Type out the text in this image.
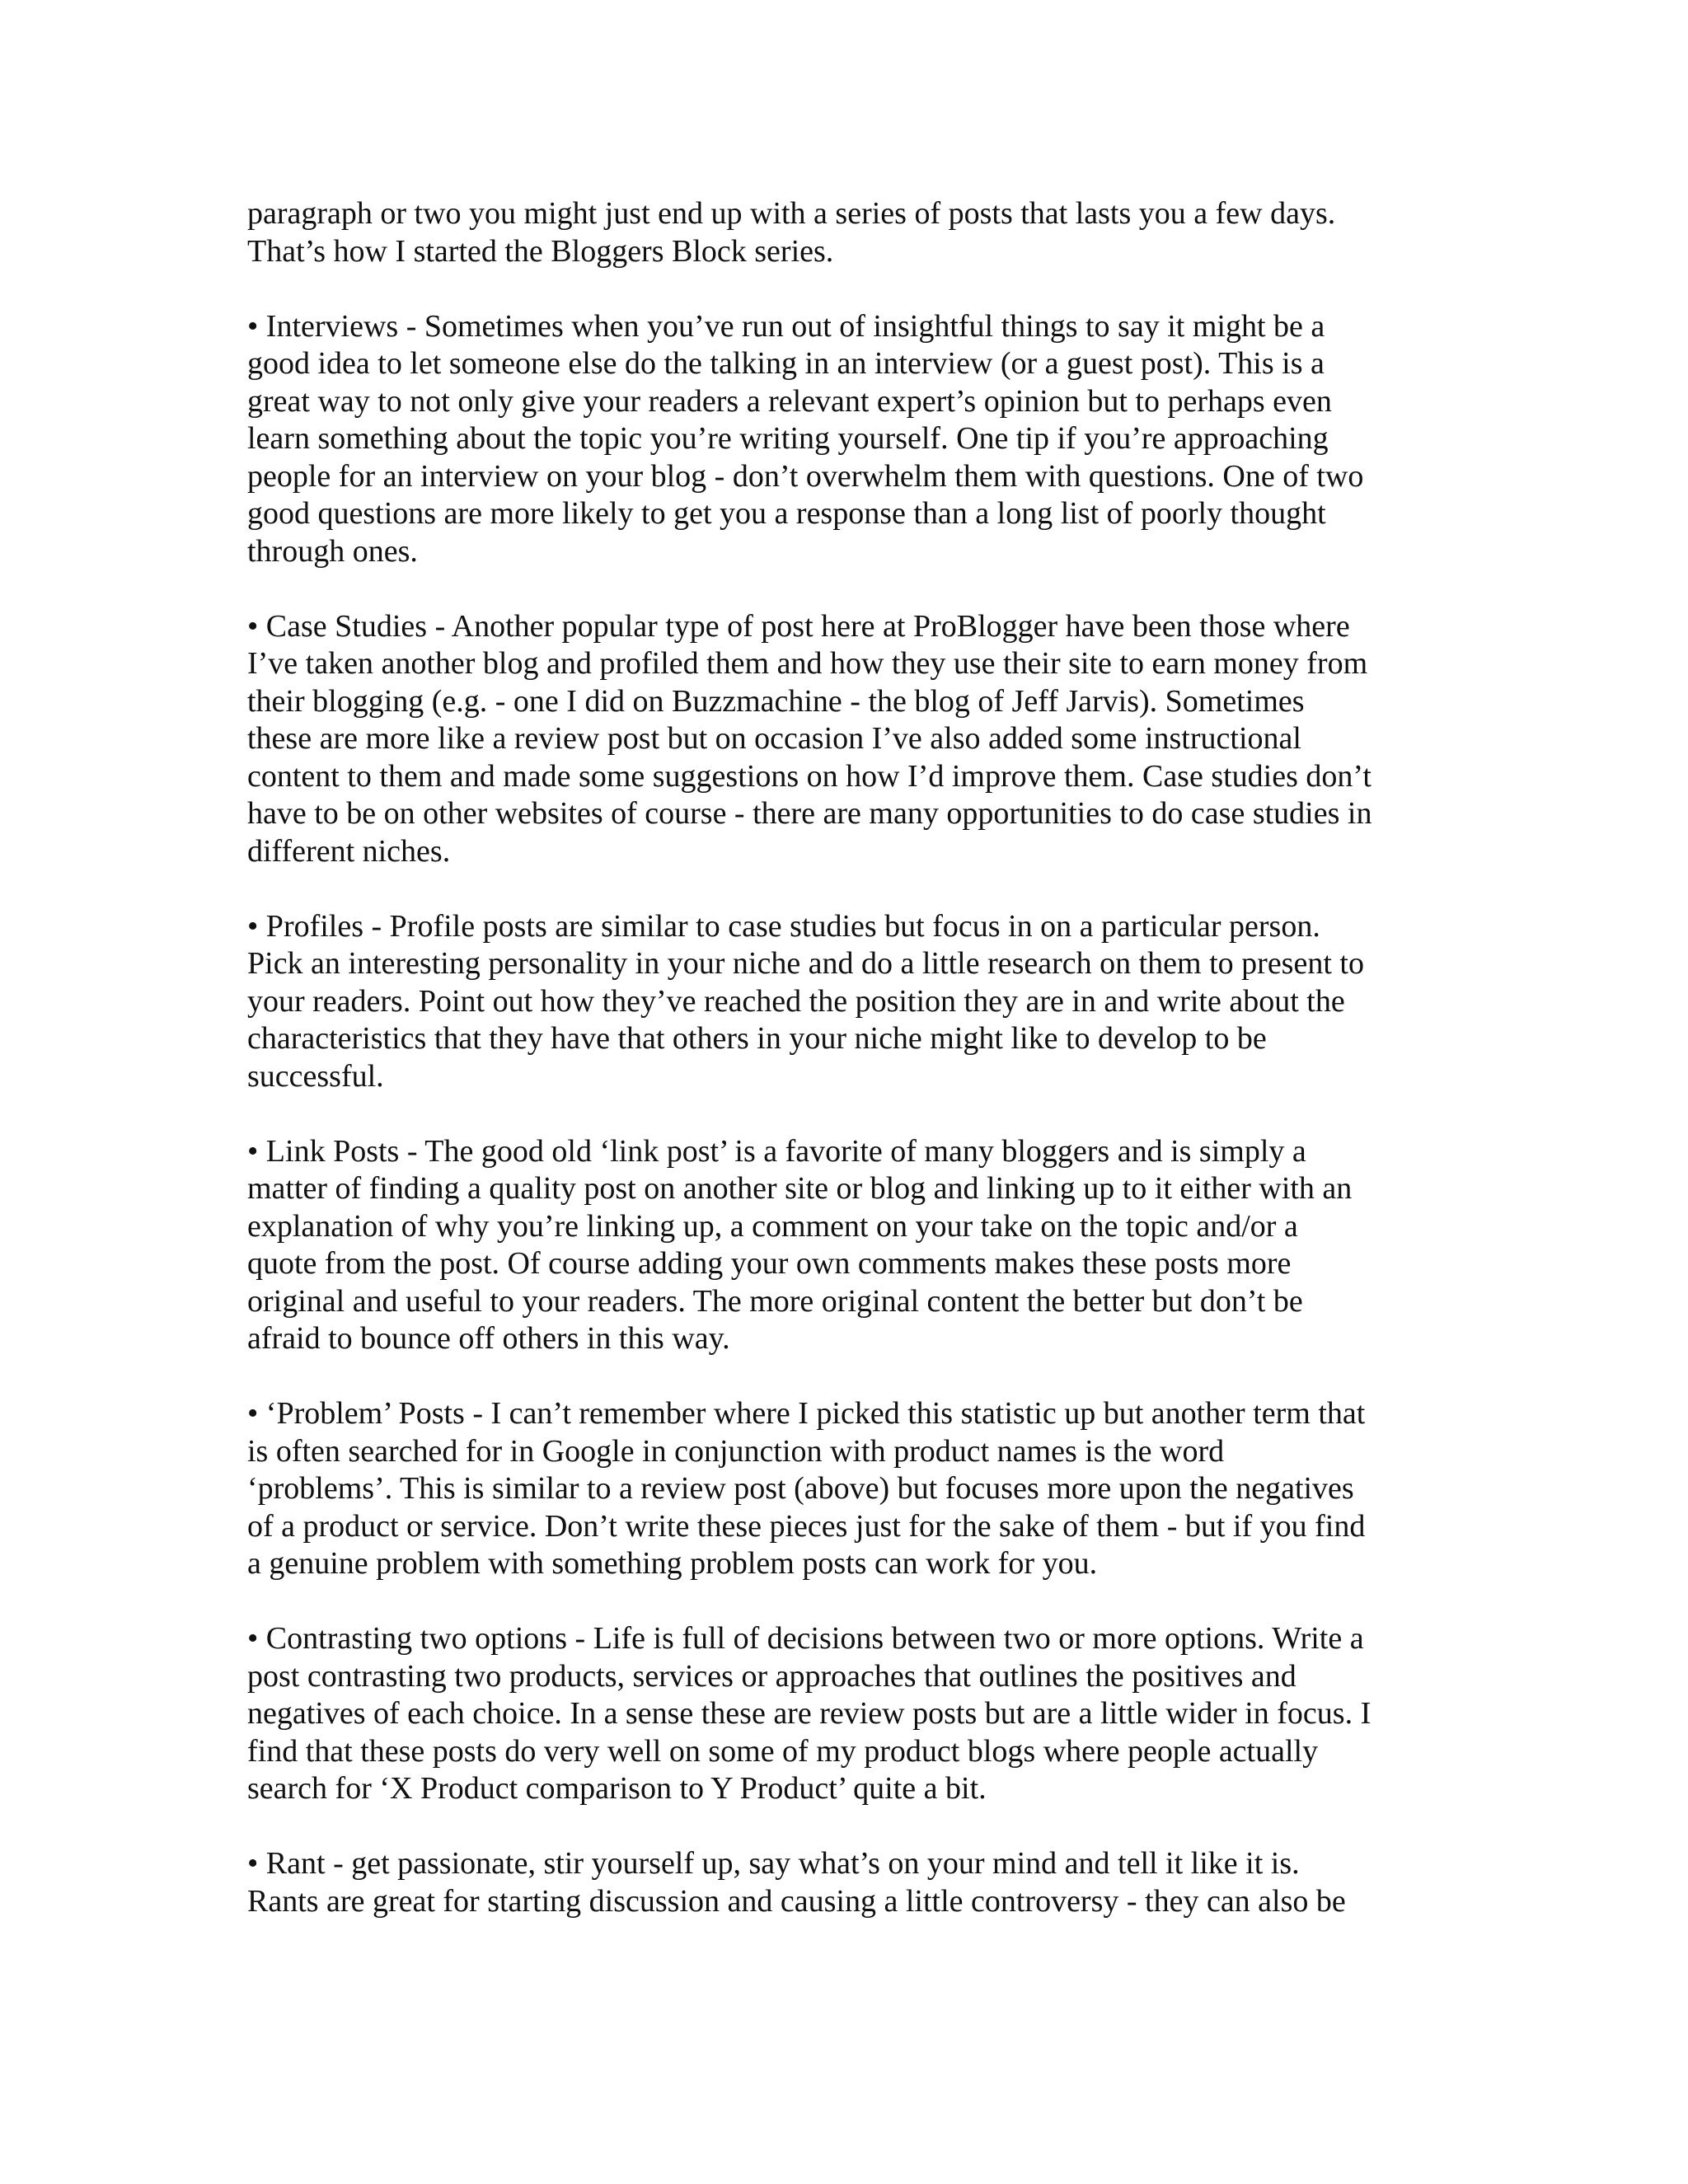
paragraph or two you might just end up with a series of posts that lasts you a few days.
That’s how I started the Bloggers Block series.
• Interviews - Sometimes when you’ve run out of insightful things to say it might be a
good idea to let someone else do the talking in an interview (or a guest post). This is a
great way to not only give your readers a relevant expert’s opinion but to perhaps even
learn something about the topic you’re writing yourself. One tip if you’re approaching
people for an interview on your blog - don’t overwhelm them with questions. One of two
good questions are more likely to get you a response than a long list of poorly thought
through ones.
• Case Studies - Another popular type of post here at ProBlogger have been those where
I’ve taken another blog and profiled them and how they use their site to earn money from
their blogging (e.g. - one I did on Buzzmachine - the blog of Jeff Jarvis). Sometimes
these are more like a review post but on occasion I’ve also added some instructional
content to them and made some suggestions on how I’d improve them. Case studies don’t
have to be on other websites of course - there are many opportunities to do case studies in
different niches.
• Profiles - Profile posts are similar to case studies but focus in on a particular person.
Pick an interesting personality in your niche and do a little research on them to present to
your readers. Point out how they’ve reached the position they are in and write about the
characteristics that they have that others in your niche might like to develop to be
successful.
• Link Posts - The good old ‘link post’ is a favorite of many bloggers and is simply a
matter of finding a quality post on another site or blog and linking up to it either with an
explanation of why you’re linking up, a comment on your take on the topic and/or a
quote from the post. Of course adding your own comments makes these posts more
original and useful to your readers. The more original content the better but don’t be
afraid to bounce off others in this way.
• ‘Problem’ Posts - I can’t remember where I picked this statistic up but another term that
is often searched for in Google in conjunction with product names is the word
‘problems’. This is similar to a review post (above) but focuses more upon the negatives
of a product or service. Don’t write these pieces just for the sake of them - but if you find
a genuine problem with something problem posts can work for you.
• Contrasting two options - Life is full of decisions between two or more options. Write a
post contrasting two products, services or approaches that outlines the positives and
negatives of each choice. In a sense these are review posts but are a little wider in focus. I
find that these posts do very well on some of my product blogs where people actually
search for ‘X Product comparison to Y Product’ quite a bit.
• Rant - get passionate, stir yourself up, say what’s on your mind and tell it like it is.
Rants are great for starting discussion and causing a little controversy - they can also be
